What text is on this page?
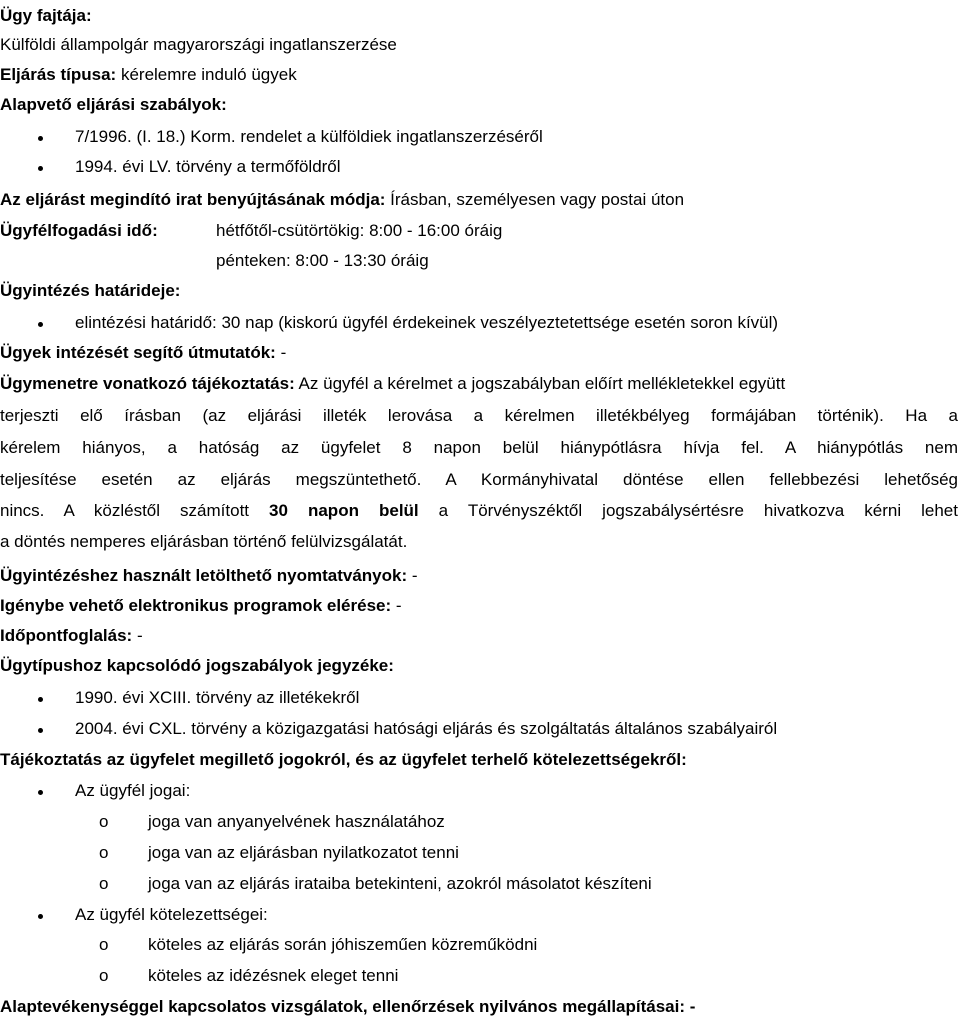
Ügy fajtája:
Külföldi állampolgár magyarországi ingatlanszerzése
Eljárás típusa: kérelemre induló ügyek
Alapvető eljárási szabályok:
7/1996. (I. 18.) Korm. rendelet a külföldiek ingatlanszerzéséről
1994. évi LV. törvény a termőföldről
Az eljárást megindító irat benyújtásának módja: Írásban, személyesen vagy postai úton
Ügyfélfogadási idő:	hétfőtől-csütörtökig: 8:00 - 16:00 óráig
pénteken: 8:00 - 13:30 óráig
Ügyintézés határideje:
elintézési határidő: 30 nap (kiskorú ügyfél érdekeinek veszélyeztetettsége esetén soron kívül)
Ügyek intézését segítő útmutatók: -
Ügymenetre vonatkozó tájékoztatás: Az ügyfél a kérelmet a jogszabályban előírt mellékletekkel együtt
terjeszti elő írásban (az eljárási illeték lerovása a kérelmen illetékbélyeg formájában történik). Ha a
kérelem hiányos, a hatóság az ügyfelet 8 napon belül hiánypótlásra hívja fel. A hiánypótlás nem
teljesítése esetén az eljárás megszüntethető. A Kormányhivatal döntése ellen fellebbezési lehetőség
nincs. A közléstől számított 30 napon belül a Törvényszéktől jogszabálysértésre hivatkozva kérni lehet
a döntés nemperes eljárásban történő felülvizsgálatát.
Ügyintézéshez használt letölthető nyomtatványok: -
Igénybe vehető elektronikus programok elérése: -
Időpontfoglalás: -
Ügytípushoz kapcsolódó jogszabályok jegyzéke:
1990. évi XCIII. törvény az illetékekről
2004. évi CXL. törvény a közigazgatási hatósági eljárás és szolgáltatás általános szabályairól
Tájékoztatás az ügyfelet megillető jogokról, és az ügyfelet terhelő kötelezettségekről:
Az ügyfél jogai:
o joga van anyanyelvének használatához
o joga van az eljárásban nyilatkozatot tenni
o joga van az eljárás irataiba betekinteni, azokról másolatot készíteni
Az ügyfél kötelezettségei:
o köteles az eljárás során jóhiszeműen közreműködni
o köteles az idézésnek eleget tenni
Alaptevékenységgel kapcsolatos vizsgálatok, ellenőrzések nyilvános megállapításai: -
